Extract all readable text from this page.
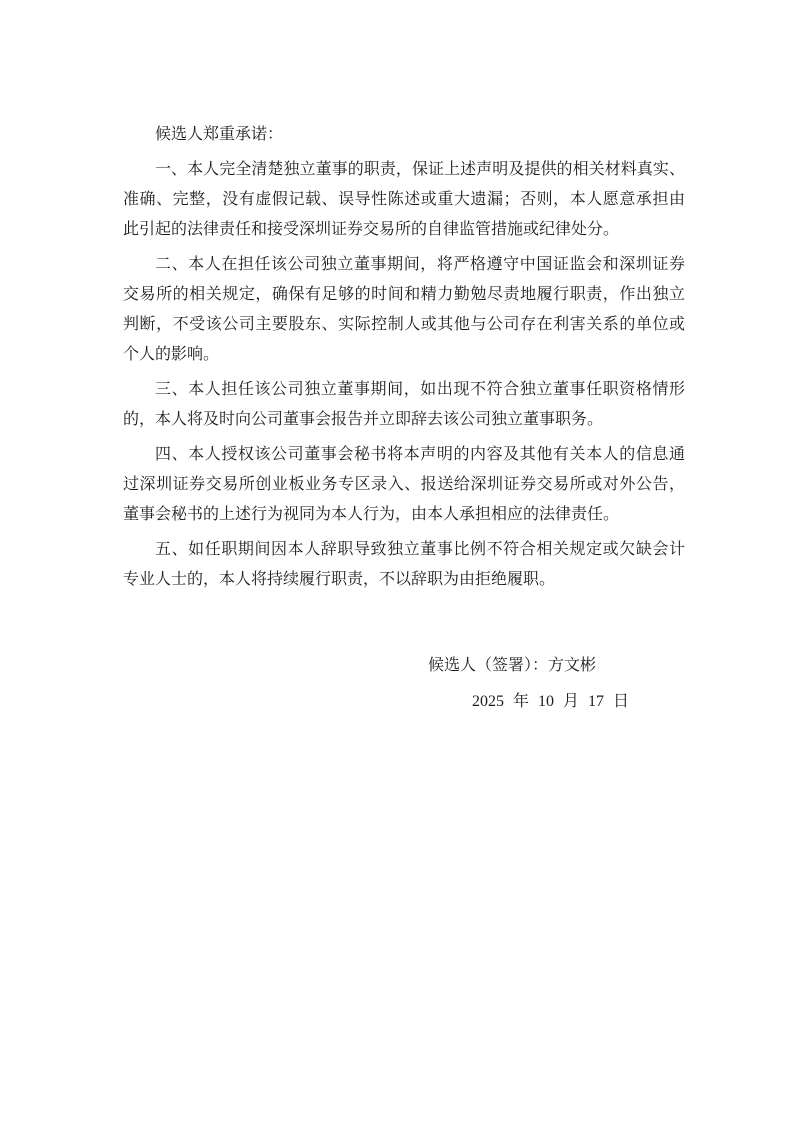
候选人郑重承诺：
一、本人完全清楚独立董事的职责，保证上述声明及提供的相关材料真实、
准确、完整，没有虚假记载、误导性陈述或重大遗漏；否则，本人愿意承担由
此引起的法律责任和接受深圳证券交易所的自律监管措施或纪律处分。
二、本人在担任该公司独立董事期间，将严格遵守中国证监会和深圳证券
交易所的相关规定，确保有足够的时间和精力勤勉尽责地履行职责，作出独立
判断，不受该公司主要股东、实际控制人或其他与公司存在利害关系的单位或
个人的影响。
三、本人担任该公司独立董事期间，如出现不符合独立董事任职资格情形
的，本人将及时向公司董事会报告并立即辞去该公司独立董事职务。
四、本人授权该公司董事会秘书将本声明的内容及其他有关本人的信息通
过深圳证券交易所创业板业务专区录入、报送给深圳证券交易所或对外公告，
董事会秘书的上述行为视同为本人行为，由本人承担相应的法律责任。
五、如任职期间因本人辞职导致独立董事比例不符合相关规定或欠缺会计
专业人士的，本人将持续履行职责，不以辞职为由拒绝履职。
候选人（签署）：方文彬
2025 年 10 月 17 日
